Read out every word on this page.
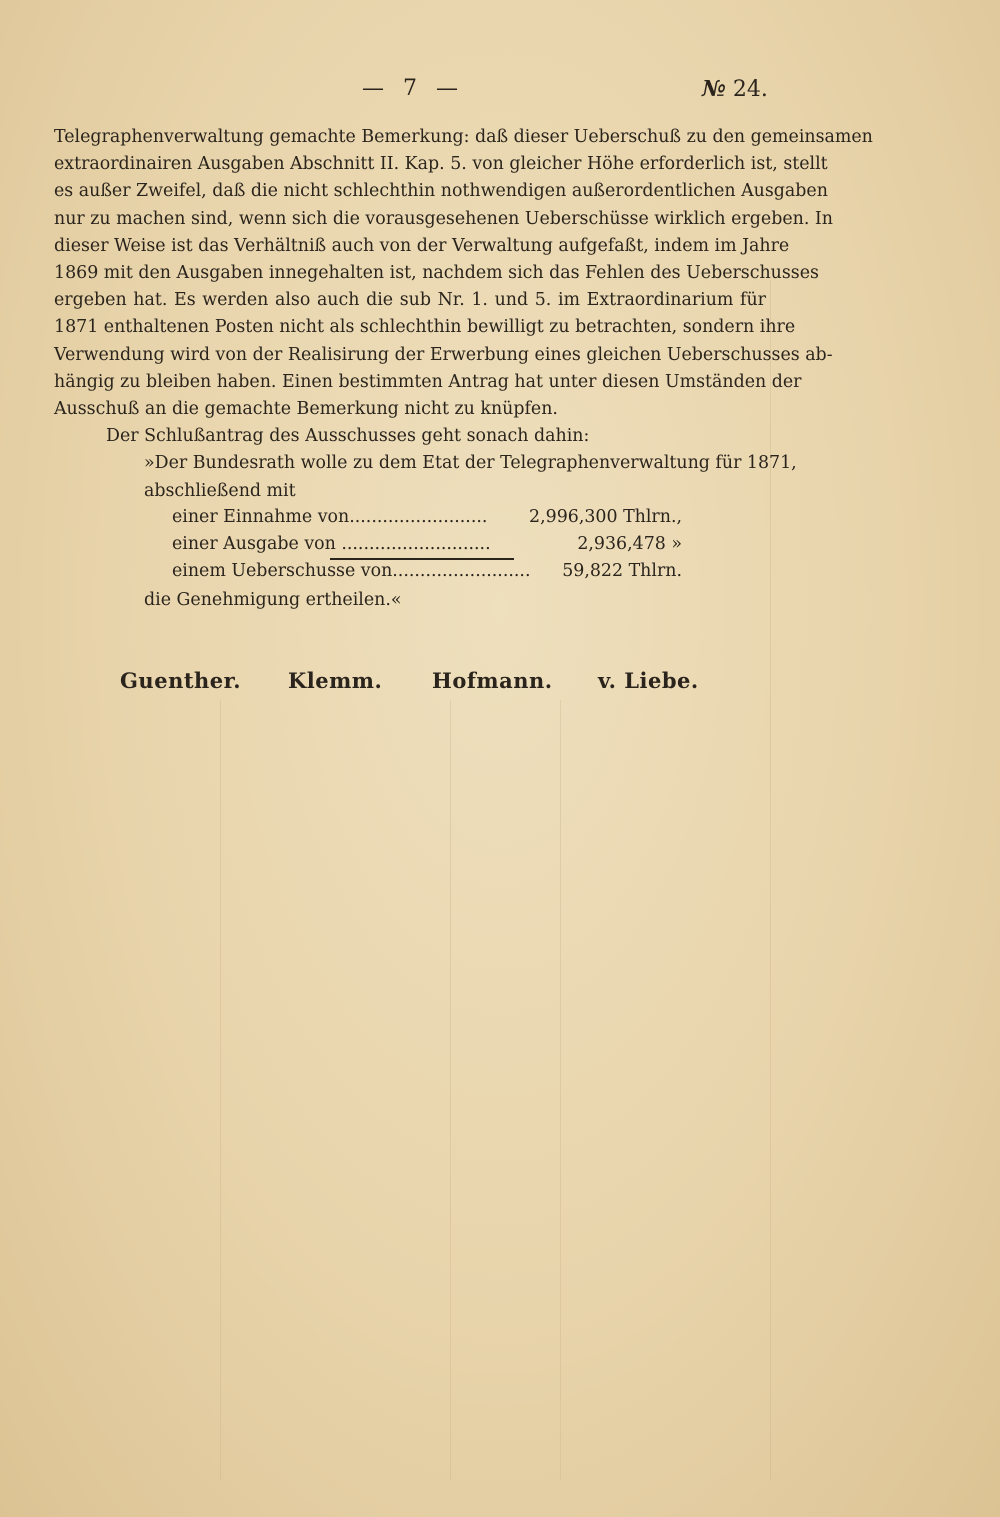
— 7 —	№ 24.
Telegraphenverwaltung gemachte Bemerkung: daß dieser Ueberschuß zu den gemeinsamen
extraordinairen Ausgaben Abschnitt II. Kap. 5. von gleicher Höhe erforderlich ist, stellt
es außer Zweifel, daß die nicht schlechthin nothwendigen außerordentlichen Ausgaben
nur zu machen sind, wenn sich die vorausgesehenen Ueberschüsse wirklich ergeben. In
dieser Weise ist das Verhältniß auch von der Verwaltung aufgefaßt, indem im Jahre
1869 mit den Ausgaben innegehalten ist, nachdem sich das Fehlen des Ueberschusses
ergeben hat. Es werden also auch die sub Nr. 1. und 5. im Extraordinarium für
1871 enthaltenen Posten nicht als schlechthin bewilligt zu betrachten, sondern ihre
Verwendung wird von der Realisirung der Erwerbung eines gleichen Ueberschusses ab-
hängig zu bleiben haben. Einen bestimmten Antrag hat unter diesen Umständen der
Ausschuß an die gemachte Bemerkung nicht zu knüpfen.
Der Schlußantrag des Ausschusses geht sonach dahin:
»Der Bundesrath wolle zu dem Etat der Telegraphenverwaltung für 1871,
abschließend mit
einer Einnahme von......................... 2,996,300 Thlrn.,
einer Ausgabe von ...........................	2,936,478 »
einem Ueberschusse von......................... 59,822 Thlrn.
die Genehmigung ertheilen.«
Guenther. Klemm. Hofmann. v. Liebe.
